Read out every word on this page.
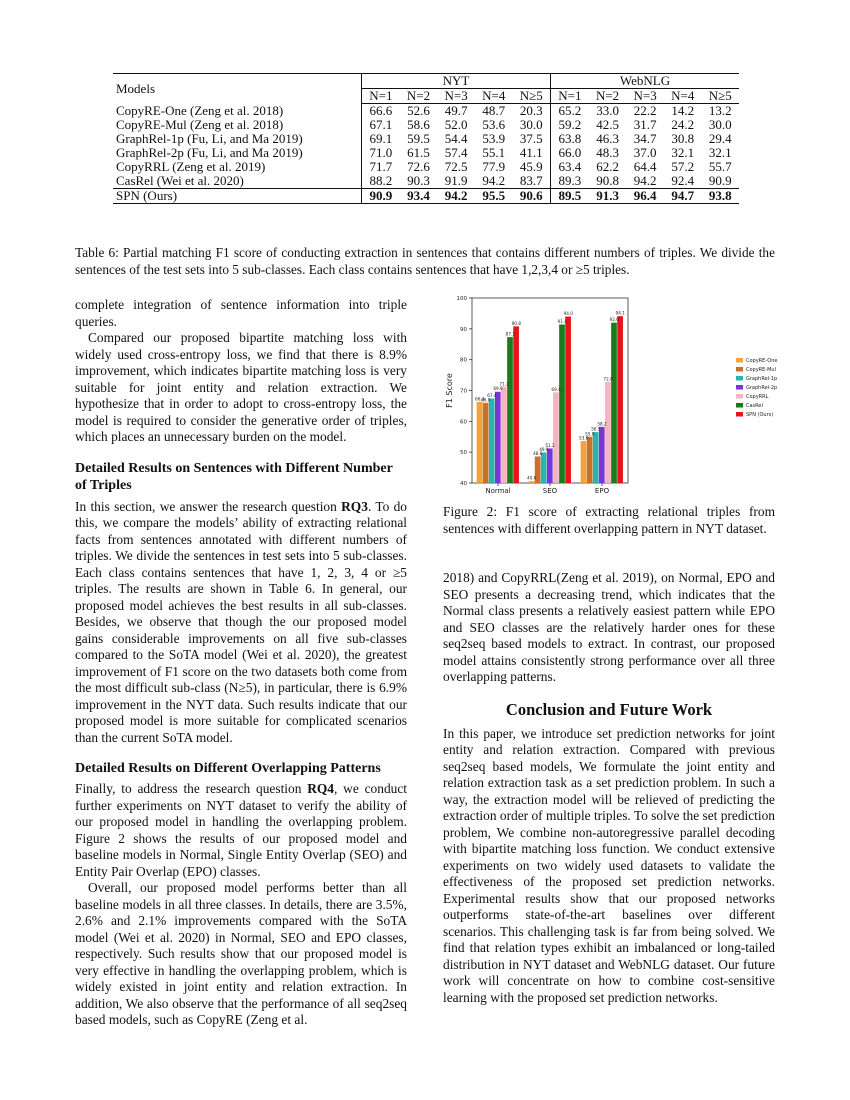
Models	NYT					WebNLG				
	N=1	N=2	N=3	N=4	N≥5	N=1	N=2	N=3	N=4	N≥5
CopyRE-One (Zeng et al. 2018)	66.6	52.6	49.7	48.7	20.3	65.2	33.0	22.2	14.2	13.2
CopyRE-Mul (Zeng et al. 2018)	67.1	58.6	52.0	53.6	30.0	59.2	42.5	31.7	24.2	30.0
GraphRel-1p (Fu, Li, and Ma 2019)	69.1	59.5	54.4	53.9	37.5	63.8	46.3	34.7	30.8	29.4
GraphRel-2p (Fu, Li, and Ma 2019)	71.0	61.5	57.4	55.1	41.1	66.0	48.3	37.0	32.1	32.1
CopyRRL (Zeng et al. 2019)	71.7	72.6	72.5	77.9	45.9	63.4	62.2	64.4	57.2	55.7
CasRel (Wei et al. 2020)	88.2	90.3	91.9	94.2	83.7	89.3	90.8	94.2	92.4	90.9
SPN (Ours)	90.9	93.4	94.2	95.5	90.6	89.5	91.3	96.4	94.7	93.8
Table 6: Partial matching F1 score of conducting extraction in sentences that contains different numbers of triples. We divide the sentences of the test sets into 5 sub-classes. Each class contains sentences that have 1,2,3,4 or ≥5 triples.

complete integration of sentence information into triple queries.

Compared our proposed bipartite matching loss with widely used cross-entropy loss, we find that there is 8.9% improvement, which indicates bipartite matching loss is very suitable for joint entity and relation extraction. We hypothesize that in order to adopt to cross-entropy loss, the model is required to consider the generative order of triples, which places an unnecessary burden on the model.

Detailed Results on Sentences with Different Number of Triples

In this section, we answer the research question RQ3. To do this, we compare the models’ ability of extracting relational facts from sentences annotated with different numbers of triples. We divide the sentences in test sets into 5 sub-classes. Each class contains sentences that have 1, 2, 3, 4 or ≥5 triples. The results are shown in Table 6. In general, our proposed model achieves the best results in all sub-classes. Besides, we observe that though the our proposed model gains considerable improvements on all five sub-classes compared to the SoTA model (Wei et al. 2020), the greatest improvement of F1 score on the two datasets both come from the most difficult sub-class (N≥5), in particular, there is 6.9% improvement in the NYT data. Such results indicate that our proposed model is more suitable for complicated scenarios than the current SoTA model.

Detailed Results on Different Overlapping Patterns

Finally, to address the research question RQ4, we conduct further experiments on NYT dataset to verify the ability of our proposed model in handling the overlapping problem. Figure 2 shows the results of our proposed model and baseline models in Normal, Single Entity Overlap (SEO) and Entity Pair Overlap (EPO) classes.

Overall, our proposed model performs better than all baseline models in all three classes. In details, there are 3.5%, 2.6% and 2.1% improvements compared with the SoTA model (Wei et al. 2020) in Normal, SEO and EPO classes, respectively. Such results show that our proposed model is very effective in handling the overlapping problem, which is widely existed in joint entity and relation extraction. In addition, We also observe that the performance of all seq2seq based models, such as CopyRE (Zeng et al.

40
50
60
70
80
90
100
F1 Score
Normal	SEO	EPO
66.3
66.0
67.4
69.6
71.2
87.3
90.8
40.6
48.6
49.9
51.2
69.4
91.4
94.0
53.6
55.0
56.5
58.2
72.8
92.0
94.1
CopyRE-One
CopyRE-Mul
GraphRel-1p
GraphRel-2p
CopyRRL
CasRel
SPN (Ours)
Figure 2: F1 score of extracting relational triples from sentences with different overlapping pattern in NYT dataset.

2018) and CopyRRL(Zeng et al. 2019), on Normal, EPO and SEO presents a decreasing trend, which indicates that the Normal class presents a relatively easiest pattern while EPO and SEO classes are the relatively harder ones for these seq2seq based models to extract. In contrast, our proposed model attains consistently strong performance over all three overlapping patterns.

Conclusion and Future Work

In this paper, we introduce set prediction networks for joint entity and relation extraction. Compared with previous seq2seq based models, We formulate the joint entity and relation extraction task as a set prediction problem. In such a way, the extraction model will be relieved of predicting the extraction order of multiple triples. To solve the set prediction problem, We combine non-autoregressive parallel decoding with bipartite matching loss function. We conduct extensive experiments on two widely used datasets to validate the effectiveness of the proposed set prediction networks. Experimental results show that our proposed networks outperforms state-of-the-art baselines over different scenarios. This challenging task is far from being solved. We find that relation types exhibit an imbalanced or long-tailed distribution in NYT dataset and WebNLG dataset. Our future work will concentrate on how to combine cost-sensitive learning with the proposed set prediction networks.
